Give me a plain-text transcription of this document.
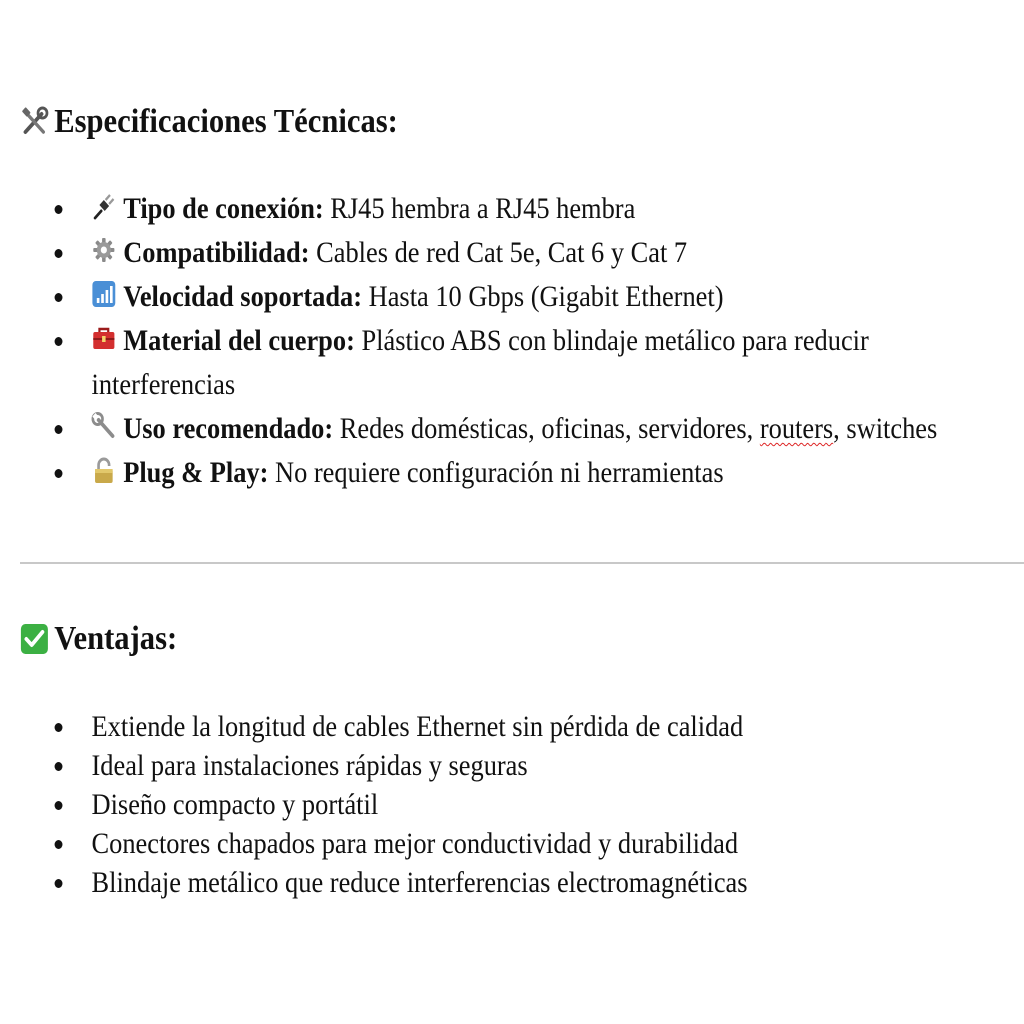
Especificaciones Técnicas:
Tipo de conexión: RJ45 hembra a RJ45 hembra
Compatibilidad: Cables de red Cat 5e, Cat 6 y Cat 7
Velocidad soportada: Hasta 10 Gbps (Gigabit Ethernet)
Material del cuerpo: Plástico ABS con blindaje metálico para reducir interferencias
Uso recomendado: Redes domésticas, oficinas, servidores, routers, switches
Plug & Play: No requiere configuración ni herramientas
Ventajas:
Extiende la longitud de cables Ethernet sin pérdida de calidad
Ideal para instalaciones rápidas y seguras
Diseño compacto y portátil
Conectores chapados para mejor conductividad y durabilidad
Blindaje metálico que reduce interferencias electromagnéticas
